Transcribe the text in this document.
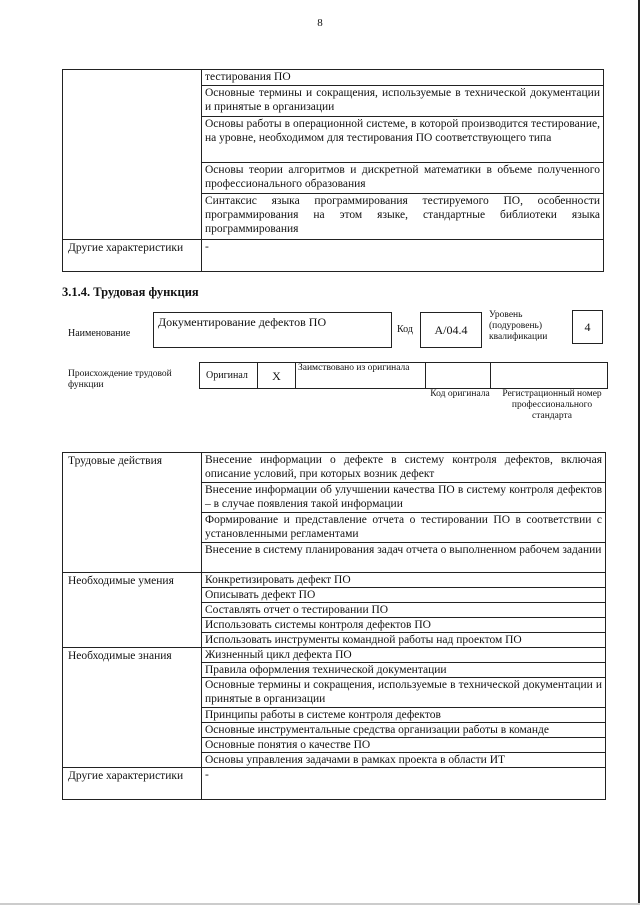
8
	тестирования ПО
	Основные термины и сокращения, используемые в технической документации и принятые в организации
	Основы работы в операционной системе, в которой производится тестирование, на уровне, необходимом для тестирования ПО соответствующего типа
	Основы теории алгоритмов и дискретной математики в объеме полученного профессионального образования
	Синтаксис языка программирования тестируемого ПО, особенности программирования на этом языке, стандартные библиотеки языка программирования
Другие характеристики	-
3.1.4. Трудовая функция
Наименование
Документирование дефектов ПО
Код	A/04.4
Уровень (подуровень) квалификации
4
Происхождение трудовой функции
Оригинал	X	Заимствовано из оригинала		
Код оригинала	Регистрационный номер профессионального стандарта
Трудовые действия	Внесение информации о дефекте в систему контроля дефектов, включая описание условий, при которых возник дефект
	Внесение информации об улучшении качества ПО в систему контроля дефектов – в случае появления такой информации
	Формирование и представление отчета о тестировании ПО в соответствии с установленными регламентами
	Внесение в систему планирования задач отчета о выполненном рабочем задании
Необходимые умения	Конкретизировать дефект ПО
	Описывать дефект ПО
	Составлять отчет о тестировании ПО
	Использовать системы контроля дефектов ПО
	Использовать инструменты командной работы над проектом ПО
Необходимые знания	Жизненный цикл дефекта ПО
	Правила оформления технической документации
	Основные термины и сокращения, используемые в технической документации и принятые в организации
	Принципы работы в системе контроля дефектов
	Основные инструментальные средства организации работы в команде
	Основные понятия о качестве ПО
	Основы управления задачами в рамках проекта в области ИТ
Другие характеристики	-
